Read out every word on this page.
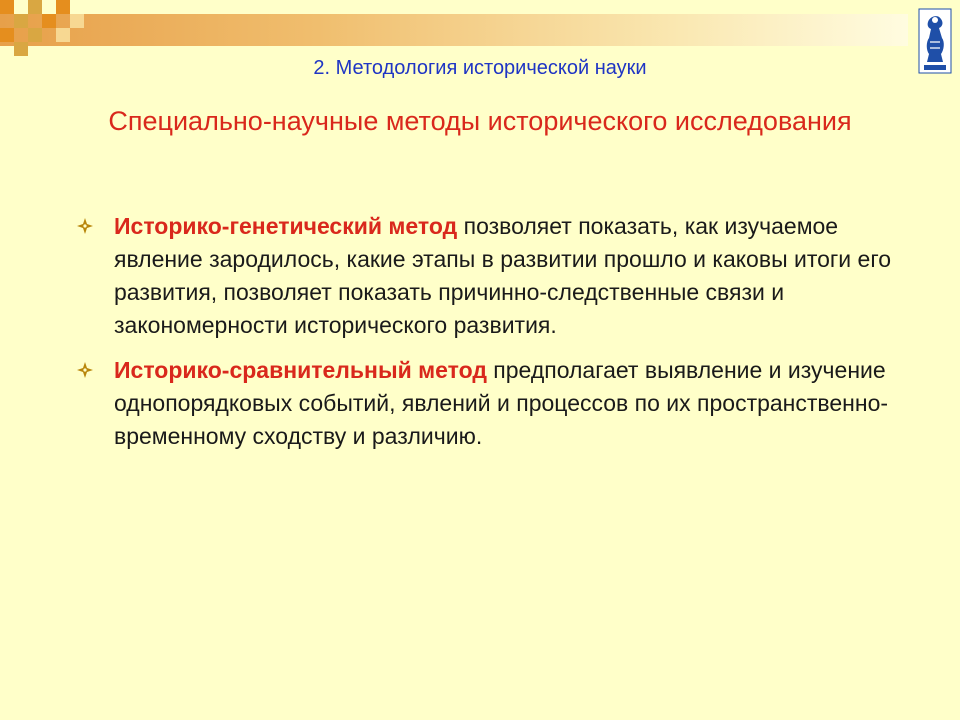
2. Методология исторической науки
Специально-научные методы исторического исследования
Историко-генетический метод позволяет показать, как изучаемое явление зародилось, какие этапы в развитии прошло и каковы итоги его развития, позволяет показать причинно-следственные связи и закономерности исторического развития.
Историко-сравнительный метод предполагает выявление и изучение однопорядковых событий, явлений и процессов по их пространственно-временному сходству и различию.
